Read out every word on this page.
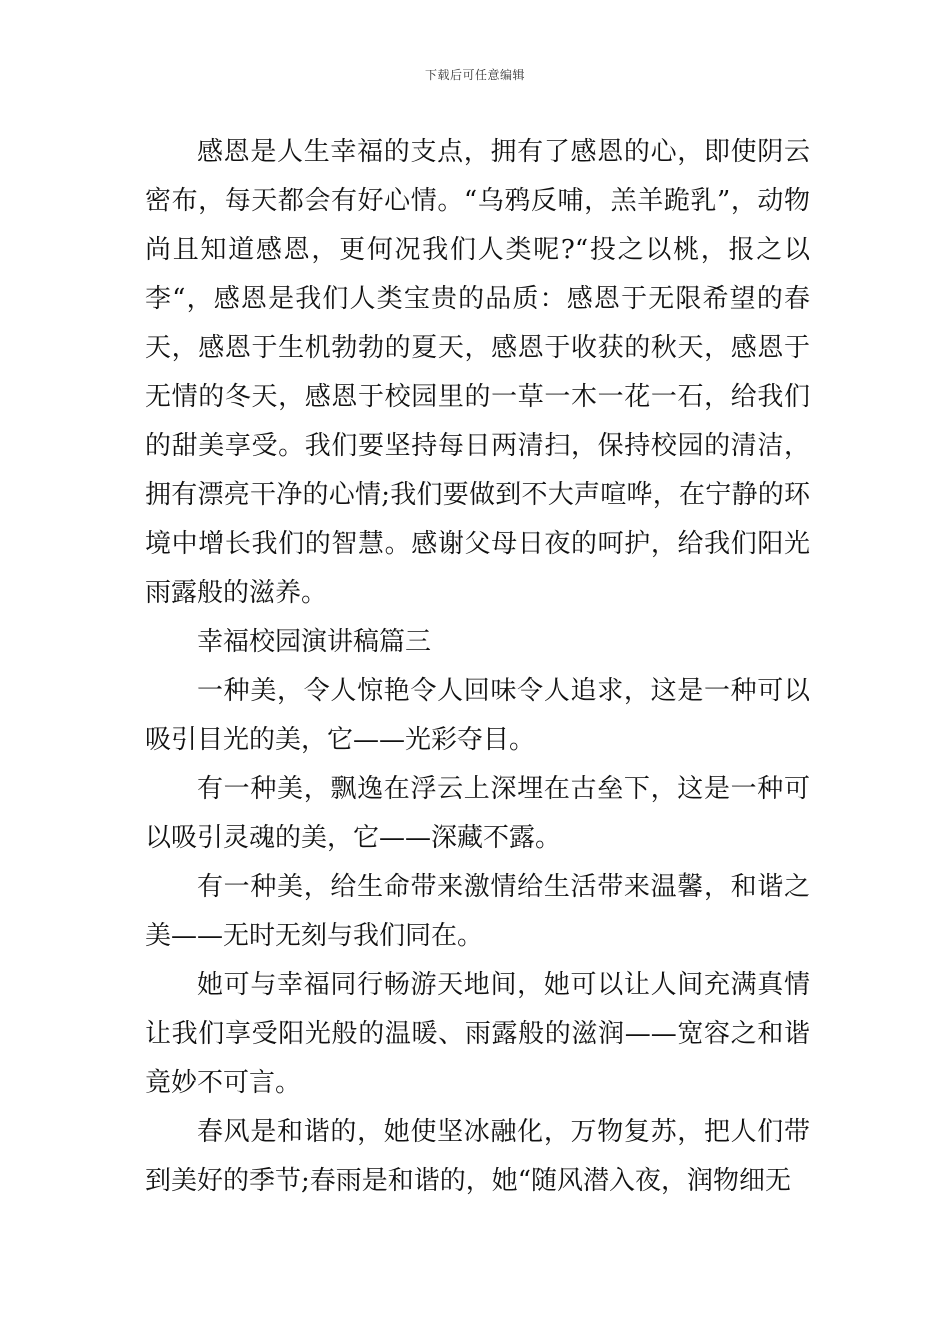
下载后可任意编辑

感恩是人生幸福的支点，拥有了感恩的心，即使阴云密布，每天都会有好心情。“乌鸦反哺，羔羊跪乳”，动物尚且知道感恩，更何况我们人类呢?“投之以桃，报之以李“，感恩是我们人类宝贵的品质：感恩于无限希望的春天，感恩于生机勃勃的夏天，感恩于收获的秋天，感恩于无情的冬天，感恩于校园里的一草一木一花一石，给我们的甜美享受。我们要坚持每日两清扫，保持校园的清洁，拥有漂亮干净的心情;我们要做到不大声喧哗，在宁静的环境中增长我们的智慧。感谢父母日夜的呵护，给我们阳光雨露般的滋养。

幸福校园演讲稿篇三

一种美，令人惊艳令人回味令人追求，这是一种可以吸引目光的美，它——光彩夺目。

有一种美，飘逸在浮云上深埋在古垒下，这是一种可以吸引灵魂的美，它——深藏不露。

有一种美，给生命带来激情给生活带来温馨，和谐之美——无时无刻与我们同在。

她可与幸福同行畅游天地间，她可以让人间充满真情让我们享受阳光般的温暖、雨露般的滋润——宽容之和谐竟妙不可言。

春风是和谐的，她使坚冰融化，万物复苏，把人们带到美好的季节;春雨是和谐的，她“随风潜入夜，润物细无
